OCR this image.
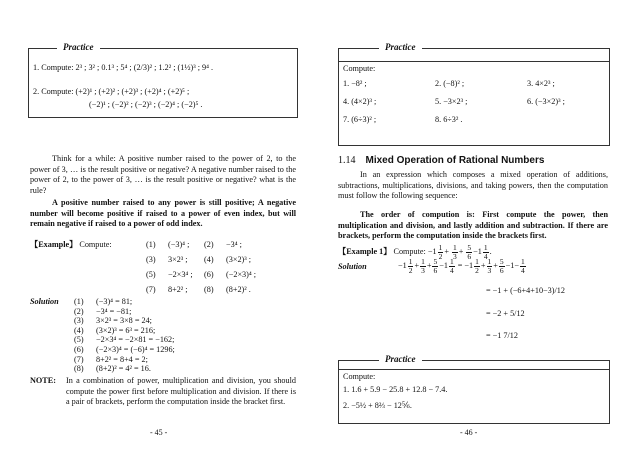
Practice
1. Compute: 2³ ; 3² ; 0.1³ ; 5⁴ ; (2/3)² ; 1.2² ; (1½)³ ; 9⁴ .
2. Compute: (+2)¹ ; (+2)² ; (+2)³ ; (+2)⁴ ; (+2)⁵ ;
(−2)¹ ; (−2)² ; (−2)³ ; (−2)⁴ ; (−2)⁵ .
Think for a while: A positive number raised to the power of 2, to the power of 3, … is the result positive or negative? A negative number raised to the power of 2, to the power of 3, … is the result positive or negative? what is the rule?
A positive number raised to any power is still positive; A negative number will become positive if raised to a power of even index, but will remain negative if raised to a power of odd index.
【Example】 Compute:
Solution
NOTE: In a combination of power, multiplication and division, you should compute the power first before multiplication and division. If there is a pair of brackets, perform the computation inside the bracket first.
- 45 -
(1) (−3)⁴ ; (2) −3⁴ ;
(3) 3×2³ ; (4) (3×2)³ ;
(5) −2×3⁴ ; (6) (−2×3)⁴ ;
(7) 8+2² ; (8) (8+2)² .
(1) (−3)⁴ = 81;
(2) −3⁴ = −81;
(3) 3×2³ = 3×8 = 24;
(4) (3×2)³ = 6³ = 216;
(5) −2×3⁴ = −2×81 = −162;
(6) (−2×3)⁴ = (−6)⁴ = 1296;
(7) 8+2² = 8+4 = 2;
(8) (8+2)² = 4² = 16.
Practice
Compute:
1. −8² ;	2. (−8)² ;	3. 4×2³ ;
4. (4×2)³ ;	5. −3×2³ ;	6. (−3×2)³ ;
7. (6÷3)² ;	8. 6÷3² .
1.14 Mixed Operation of Rational Numbers
In an expression which composes a mixed operation of additions, subtractions, multiplications, divisions, and taking powers, then the computation must follow the following sequence:
The order of compution is: First compute the power, then multiplication and division, and lastly addition and subtraction. If there are brackets, perform the computation inside the brackets first.
【Example 1】 Compute: $-1 \frac{1}{2} + \frac{1}{3} + \frac{5}{6} -1 \frac{1}{4}$ .
Solution	$-1 \frac{1}{2} + \frac{1}{3} + \frac{5}{6} -1 \frac{1}{4} = -1 \frac{1}{2} + \frac{1}{3} + \frac{5}{6} -1- \frac{1}{4}$
= −1 + (−6+4+10−3)/12
= −2 + 5/12
= −1 7/12
Practice
Compute:
1. 1.6 + 5.9 − 25.8 + 12.8 − 7.4.
2. −5½ + 8⅔ − 12⅚.
- 46 -
